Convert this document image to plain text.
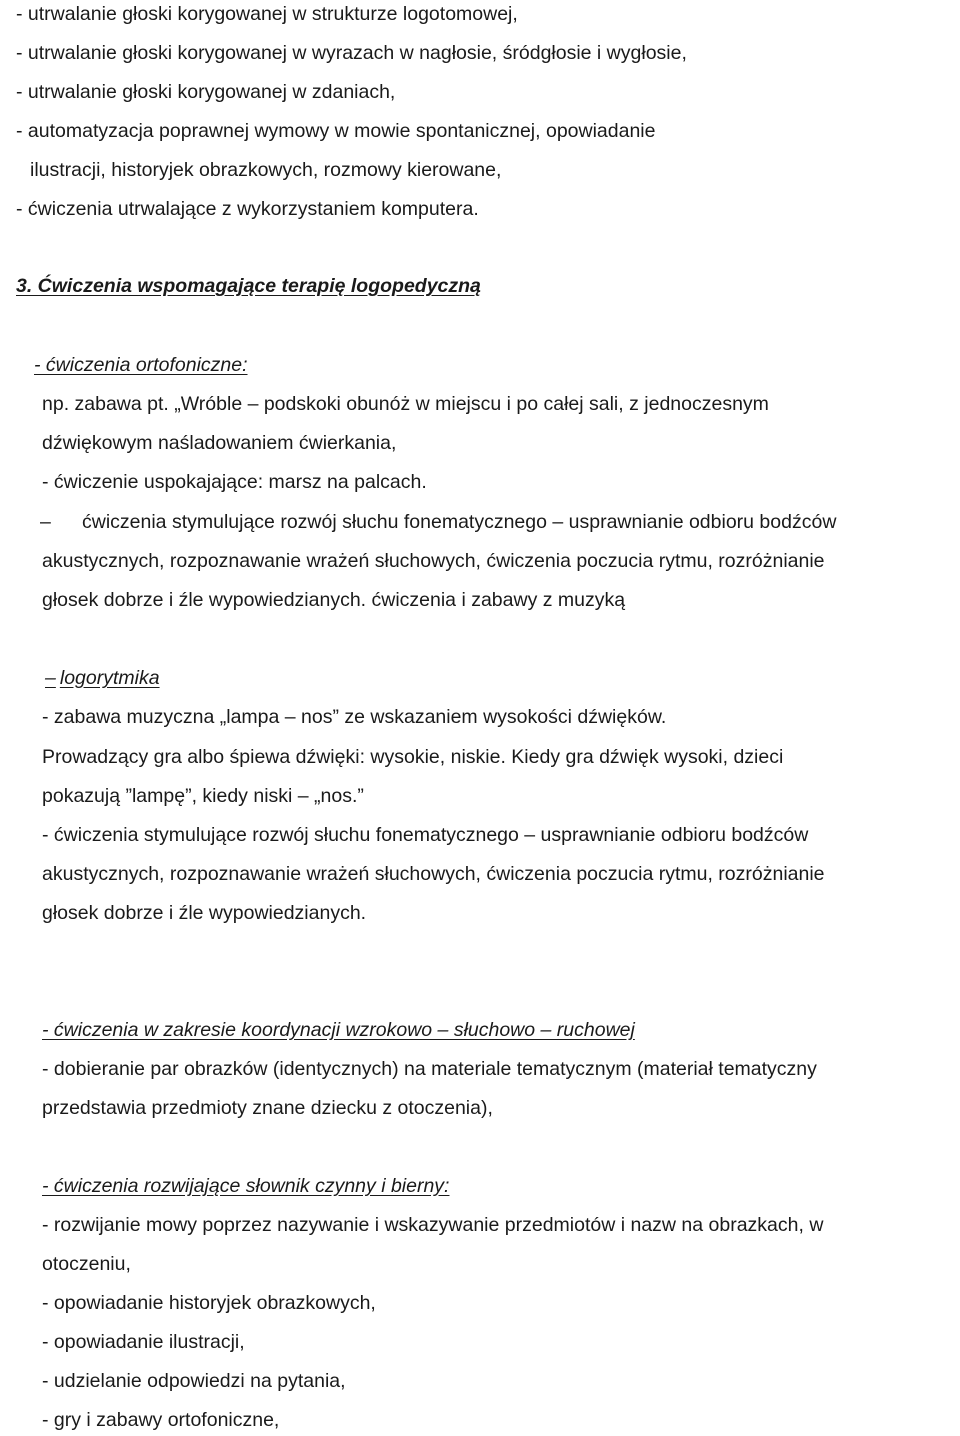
- utrwalanie głoski korygowanej w strukturze logotomowej,
- utrwalanie głoski korygowanej w wyrazach w nagłosie, śródgłosie i wygłosie,
- utrwalanie głoski korygowanej w zdaniach,
- automatyzacja poprawnej wymowy w mowie spontanicznej, opowiadanie
ilustracji, historyjek obrazkowych, rozmowy kierowane,
- ćwiczenia utrwalające z wykorzystaniem komputera.
3. Ćwiczenia wspomagające terapię logopedyczną
- ćwiczenia ortofoniczne:
np. zabawa pt. „Wróble – podskoki obunóż w miejscu i po całej sali, z jednoczesnym
dźwiękowym naśladowaniem ćwierkania,
- ćwiczenie uspokajające: marsz na palcach.
– ćwiczenia stymulujące rozwój słuchu fonematycznego – usprawnianie odbioru bodźców
akustycznych, rozpoznawanie wrażeń słuchowych, ćwiczenia poczucia rytmu, rozróżnianie
głosek dobrze i źle wypowiedzianych. ćwiczenia i zabawy z muzyką
– logorytmika
- zabawa muzyczna „lampa – nos” ze wskazaniem wysokości dźwięków.
Prowadzący gra albo śpiewa dźwięki: wysokie, niskie. Kiedy gra dźwięk wysoki, dzieci
pokazują ”lampę”, kiedy niski – „nos.”
- ćwiczenia stymulujące rozwój słuchu fonematycznego – usprawnianie odbioru bodźców
akustycznych, rozpoznawanie wrażeń słuchowych, ćwiczenia poczucia rytmu, rozróżnianie
głosek dobrze i źle wypowiedzianych.
- ćwiczenia w zakresie koordynacji wzrokowo – słuchowo – ruchowej
- dobieranie par obrazków (identycznych) na materiale tematycznym (materiał tematyczny
przedstawia przedmioty znane dziecku z otoczenia),
- ćwiczenia rozwijające słownik czynny i bierny:
- rozwijanie mowy poprzez nazywanie i wskazywanie przedmiotów i nazw na obrazkach, w
otoczeniu,
- opowiadanie historyjek obrazkowych,
- opowiadanie ilustracji,
- udzielanie odpowiedzi na pytania,
- gry i zabawy ortofoniczne,
